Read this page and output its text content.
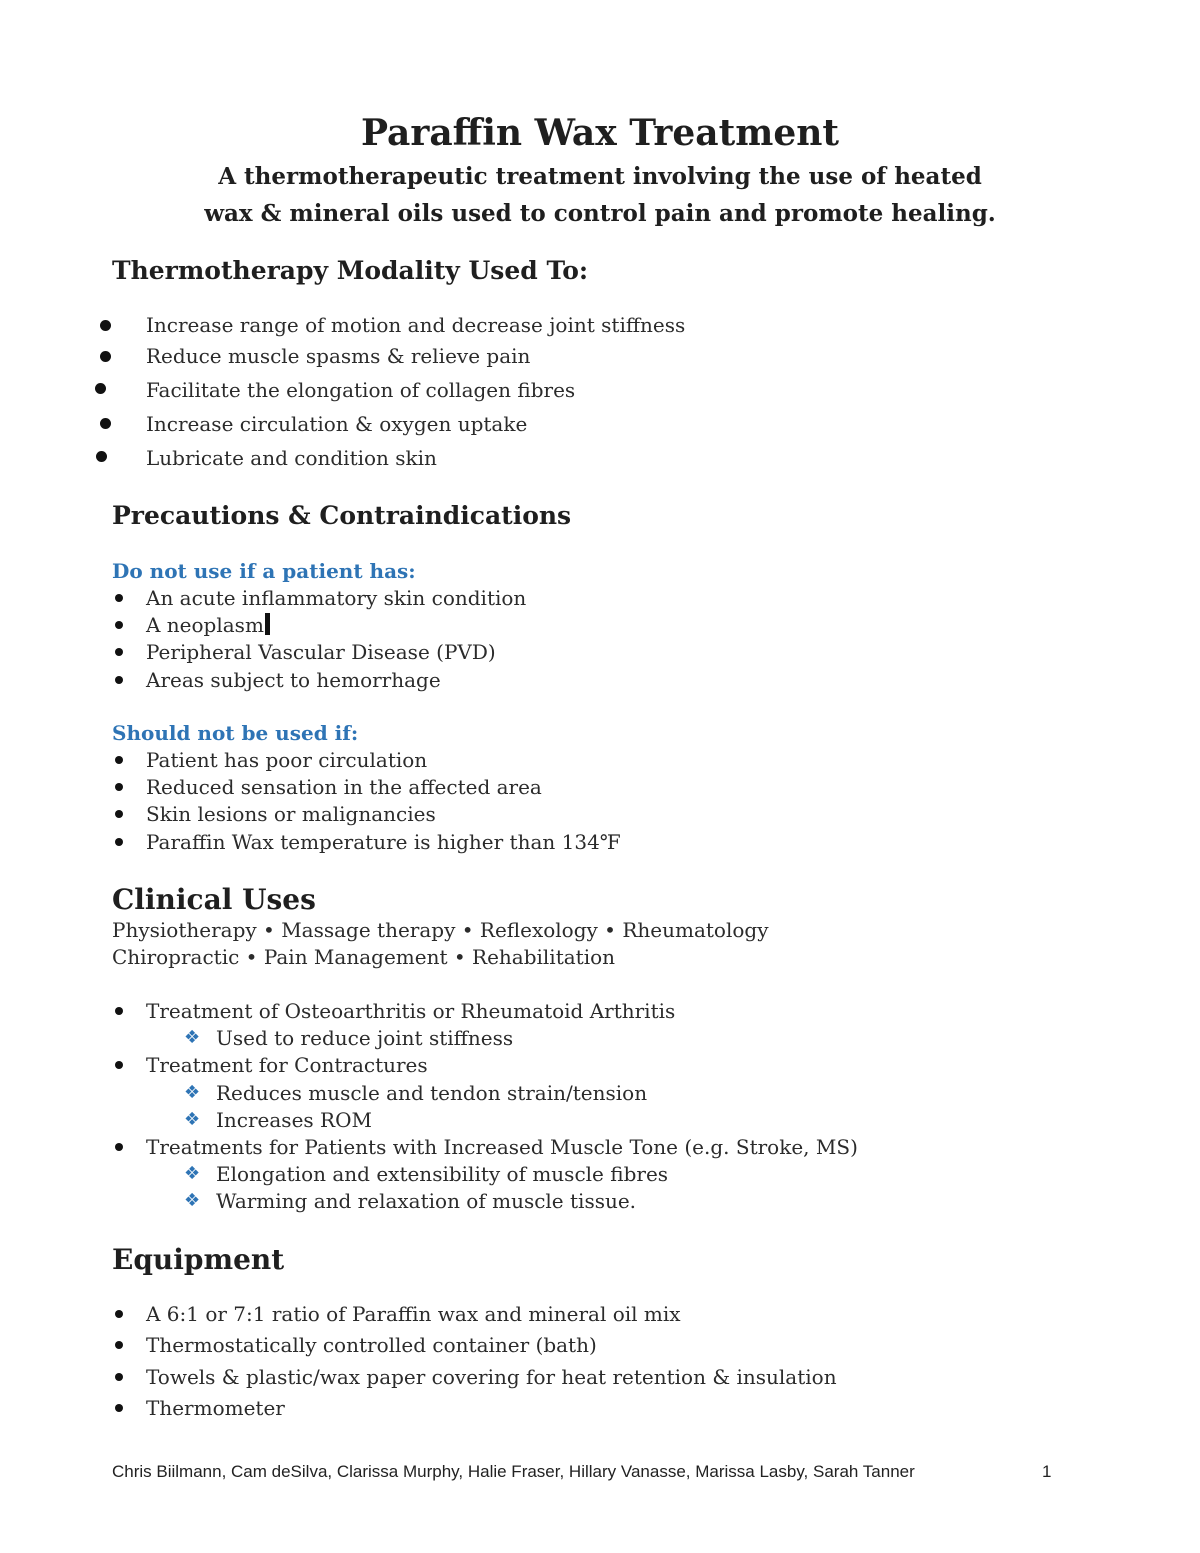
Paraffin Wax Treatment
A thermotherapeutic treatment involving the use of heated
wax & mineral oils used to control pain and promote healing.
Thermotherapy Modality Used To:
Increase range of motion and decrease joint stiffness
Reduce muscle spasms & relieve pain
Facilitate the elongation of collagen fibres
Increase circulation & oxygen uptake
Lubricate and condition skin
Precautions & Contraindications
Do not use if a patient has:
An acute inflammatory skin condition
A neoplasm
Peripheral Vascular Disease (PVD)
Areas subject to hemorrhage
Should not be used if:
Patient has poor circulation
Reduced sensation in the affected area
Skin lesions or malignancies
Paraffin Wax temperature is higher than 134℉
Clinical Uses
Physiotherapy • Massage therapy • Reflexology • Rheumatology
Chiropractic • Pain Management • Rehabilitation
Treatment of Osteoarthritis or Rheumatoid Arthritis
❖ Used to reduce joint stiffness
Treatment for Contractures
❖ Reduces muscle and tendon strain/tension
❖ Increases ROM
Treatments for Patients with Increased Muscle Tone (e.g. Stroke, MS)
❖ Elongation and extensibility of muscle fibres
❖ Warming and relaxation of muscle tissue.
Equipment
A 6:1 or 7:1 ratio of Paraffin wax and mineral oil mix
Thermostatically controlled container (bath)
Towels & plastic/wax paper covering for heat retention & insulation
Thermometer
Chris Biilmann, Cam deSilva, Clarissa Murphy, Halie Fraser, Hillary Vanasse, Marissa Lasby, Sarah Tanner	1
